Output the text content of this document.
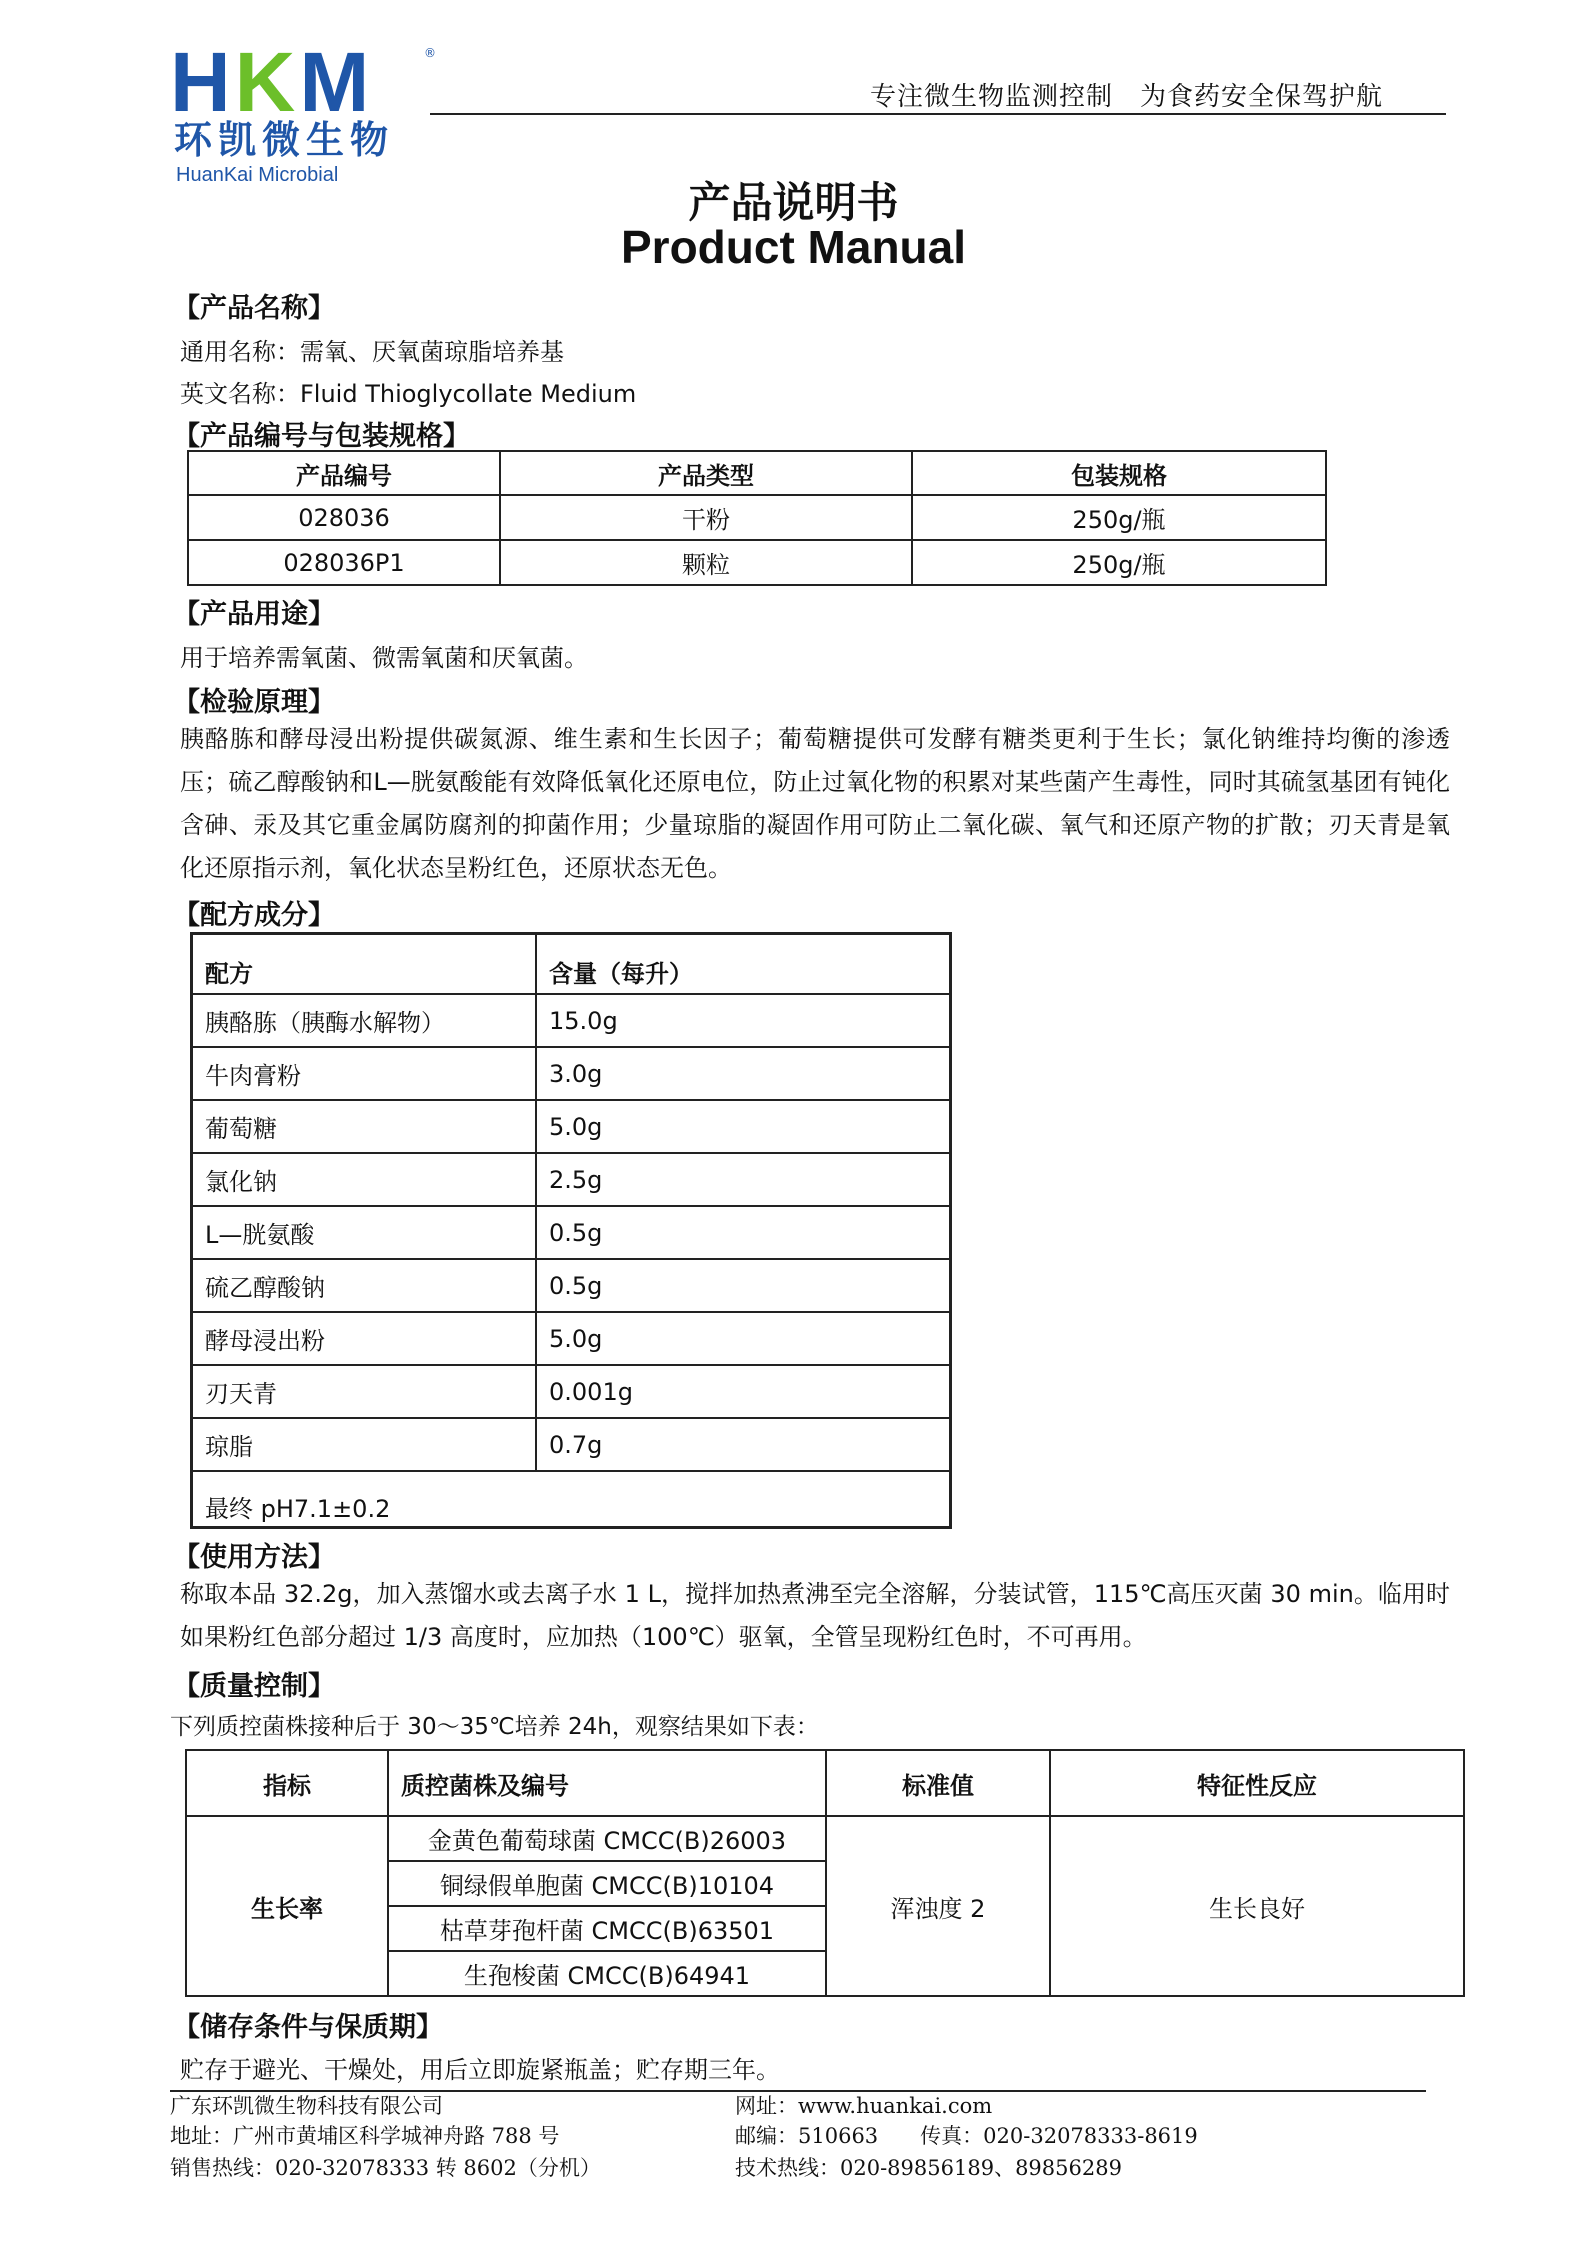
HKM	®
环凯微生物
HuanKai Microbial
专注微生物监测控制　为食药安全保驾护航
产品说明书
Product Manual
【产品名称】
通用名称：需氧、厌氧菌琼脂培养基
英文名称：Fluid Thioglycollate Medium
【产品编号与包装规格】
产品编号	产品类型	包装规格
028036	干粉	250g/瓶
028036P1	颗粒	250g/瓶
【产品用途】
用于培养需氧菌、微需氧菌和厌氧菌。
【检验原理】
胰酪胨和酵母浸出粉提供碳氮源、维生素和生长因子；葡萄糖提供可发酵有糖类更利于生长；氯化钠维持均衡的渗透压；硫乙醇酸钠和L—胱氨酸能有效降低氧化还原电位，防止过氧化物的积累对某些菌产生毒性，同时其硫氢基团有钝化含砷、汞及其它重金属防腐剂的抑菌作用；少量琼脂的凝固作用可防止二氧化碳、氧气和还原产物的扩散；刃天青是氧化还原指示剂，氧化状态呈粉红色，还原状态无色。
【配方成分】
配方	含量（每升）
胰酪胨（胰酶水解物）	15.0g
牛肉膏粉	3.0g
葡萄糖	5.0g
氯化钠	2.5g
L—胱氨酸	0.5g
硫乙醇酸钠	0.5g
酵母浸出粉	5.0g
刃天青	0.001g
琼脂	0.7g
最终 pH7.1±0.2	
【使用方法】
称取本品 32.2g，加入蒸馏水或去离子水 1 L，搅拌加热煮沸至完全溶解，分装试管，115℃高压灭菌 30 min。临用时如果粉红色部分超过 1/3 高度时，应加热（100℃）驱氧，全管呈现粉红色时，不可再用。
【质量控制】
下列质控菌株接种后于 30～35℃培养 24h，观察结果如下表：
指标	质控菌株及编号	标准值	特征性反应
生长率	金黄色葡萄球菌 CMCC(B)26003	浑浊度 2	生长良好
	铜绿假单胞菌 CMCC(B)10104		
	枯草芽孢杆菌 CMCC(B)63501		
	生孢梭菌 CMCC(B)64941		
【储存条件与保质期】
贮存于避光、干燥处，用后立即旋紧瓶盖；贮存期三年。
广东环凯微生物科技有限公司
地址：广州市黄埔区科学城神舟路 788 号
销售热线：020-32078333 转 8602（分机）
网址：www.huankai.com
邮编：510663　　传真：020-32078333-8619
技术热线：020-89856189、89856289
